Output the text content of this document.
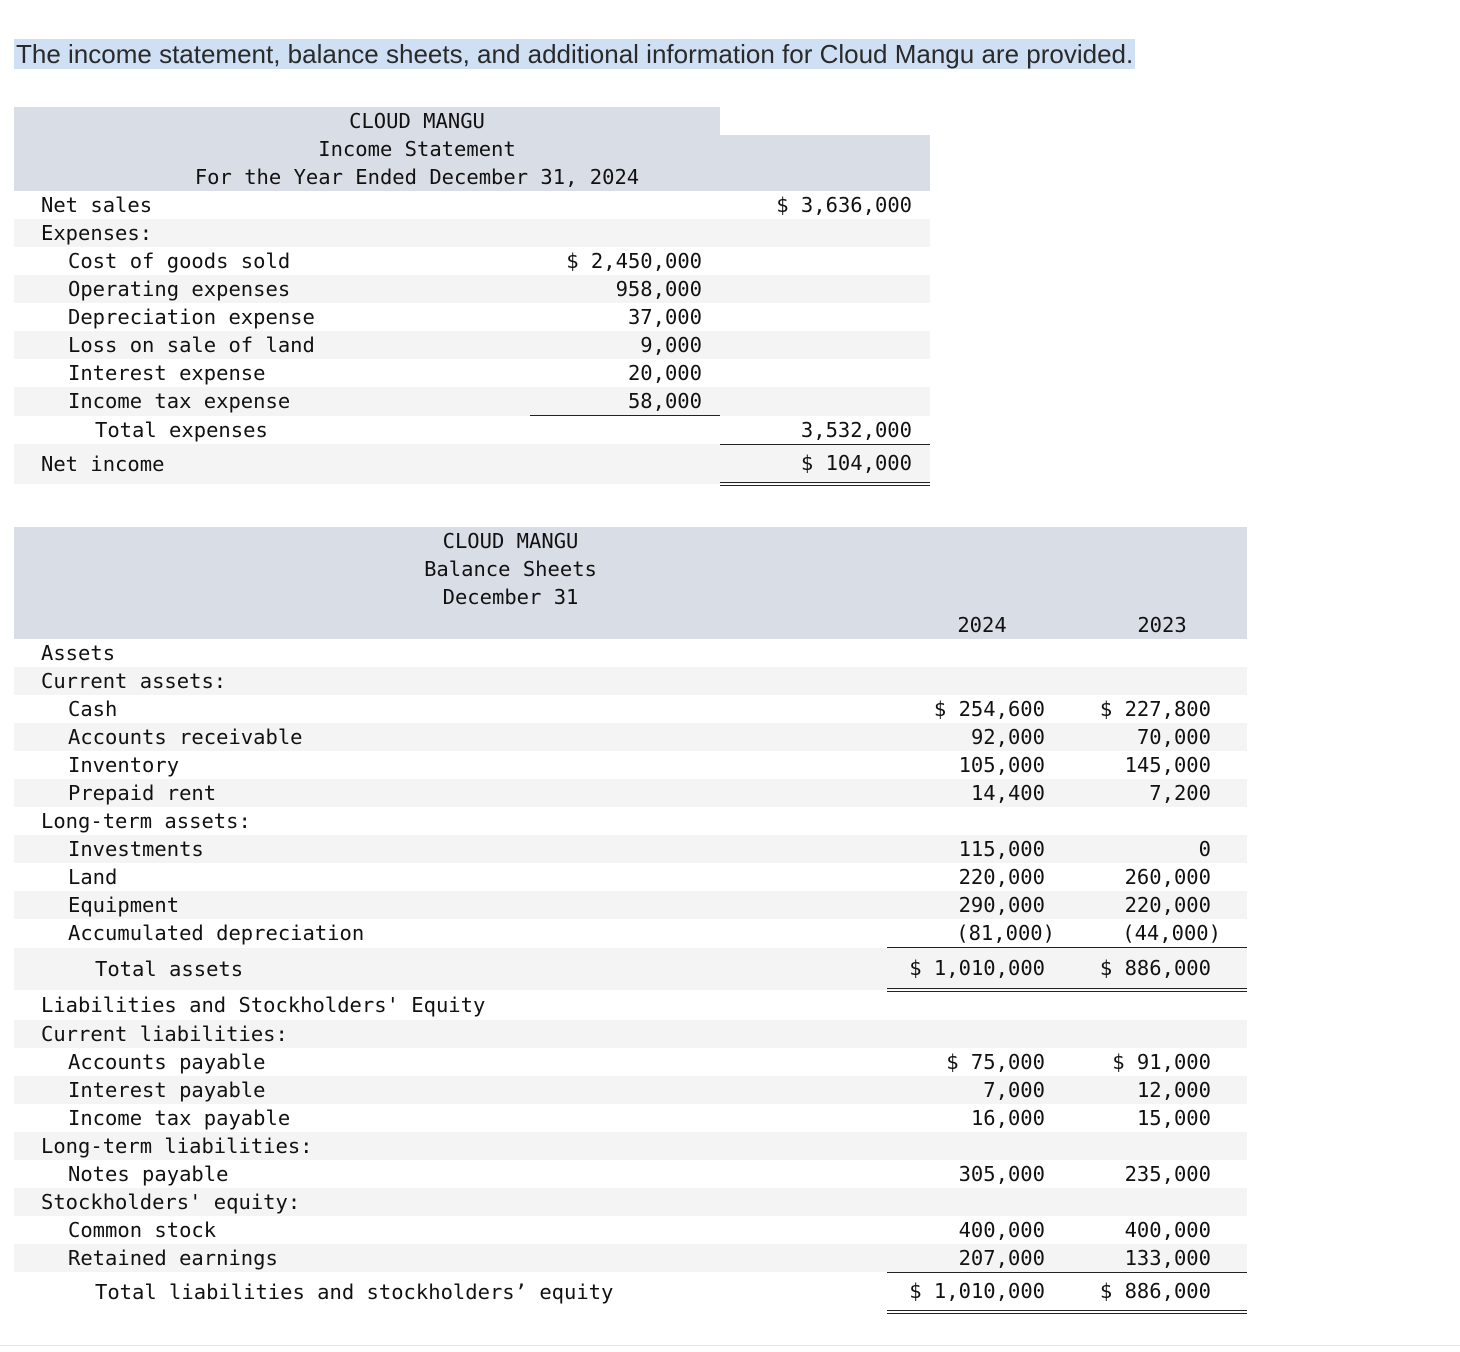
The income statement, balance sheets, and additional information for Cloud Mangu are provided.
CLOUD MANGU		
Income Statement		
For the Year Ended December 31, 2024		
Net sales		$ 3,636,000
Expenses:		
Cost of goods sold	$ 2,450,000	
Operating expenses	958,000	
Depreciation expense	37,000	
Loss on sale of land	9,000	
Interest expense	20,000	
Income tax expense	58,000	
Total expenses		3,532,000
Net income		$ 104,000
CLOUD MANGU		
Balance Sheets		
December 31		
	2024	2023
Assets		
Current assets:		
Cash	$ 254,600	$ 227,800
Accounts receivable	92,000	70,000
Inventory	105,000	145,000
Prepaid rent	14,400	7,200
Long-term assets:		
Investments	115,000	0
Land	220,000	260,000
Equipment	290,000	220,000
Accumulated depreciation	(81,000)	(44,000)
Total assets	$ 1,010,000	$ 886,000
Liabilities and Stockholders' Equity		
Current liabilities:		
Accounts payable	$ 75,000	$ 91,000
Interest payable	7,000	12,000
Income tax payable	16,000	15,000
Long-term liabilities:		
Notes payable	305,000	235,000
Stockholders' equity:		
Common stock	400,000	400,000
Retained earnings	207,000	133,000
Total liabilities and stockholders’ equity	$ 1,010,000	$ 886,000
